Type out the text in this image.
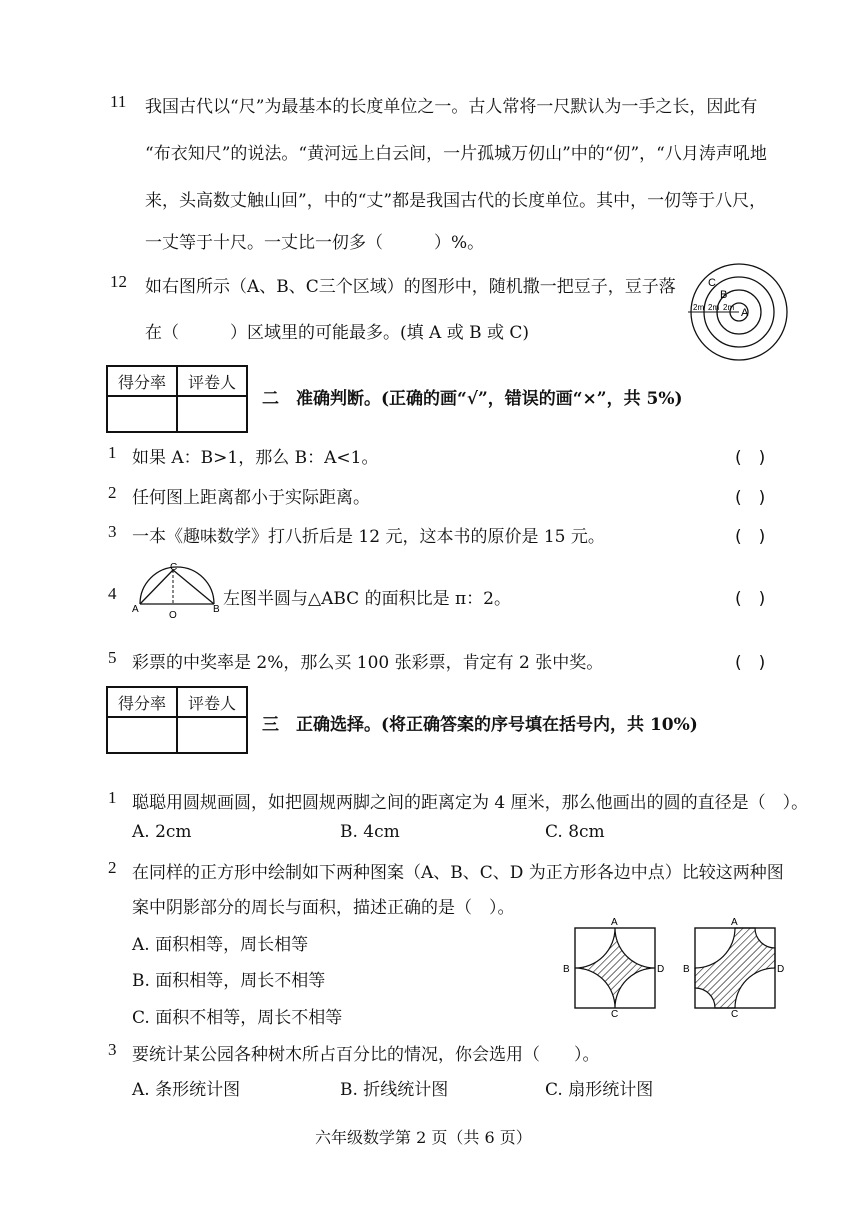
11 我国古代以“尺”为最基本的长度单位之一。古人常将一尺默认为一手之长，因此有
“布衣知尺”的说法。“黄河远上白云间，一片孤城万仞山”中的“仞”，“八月涛声吼地
来，头高数丈触山回”，中的“丈”都是我国古代的长度单位。其中，一仞等于八尺，
一丈等于十尺。一丈比一仞多（　　　）%。
12 如右图所示（A、B、C三个区域）的图形中，随机撒一把豆子，豆子落
在（　　　）区域里的可能最多。(填 A 或 B 或 C)
C
B
2m 2m 2m A
得分率	评卷人

二　准确判断。(正确的画“√”，错误的画“×”，共 5%)
1 如果 A：B>1，那么 B：A<1。	(　)
2 任何图上距离都小于实际距离。	(　)
3 一本《趣味数学》打八折后是 12 元，这本书的原价是 15 元。	(　)
4
C
A
O
B
左图半圆与△ABC 的面积比是 π：2。	(　)
5 彩票的中奖率是 2%，那么买 100 张彩票，肯定有 2 张中奖。	(　)
得分率	评卷人

三　正确选择。(将正确答案的序号填在括号内，共 10%)
1 聪聪用圆规画圆，如把圆规两脚之间的距离定为 4 厘米，那么他画出的圆的直径是（　）。
A. 2cm	B. 4cm	C. 8cm
2 在同样的正方形中绘制如下两种图案（A、B、C、D 为正方形各边中点）比较这两种图
案中阴影部分的周长与面积，描述正确的是（　）。
A. 面积相等，周长相等
B. 面积相等，周长不相等
C. 面积不相等，周长不相等
A
B
C
D
A
B
C
D
3 要统计某公园各种树木所占百分比的情况，你会选用（　　）。
A. 条形统计图	B. 折线统计图	C. 扇形统计图
六年级数学第 2 页（共 6 页）
